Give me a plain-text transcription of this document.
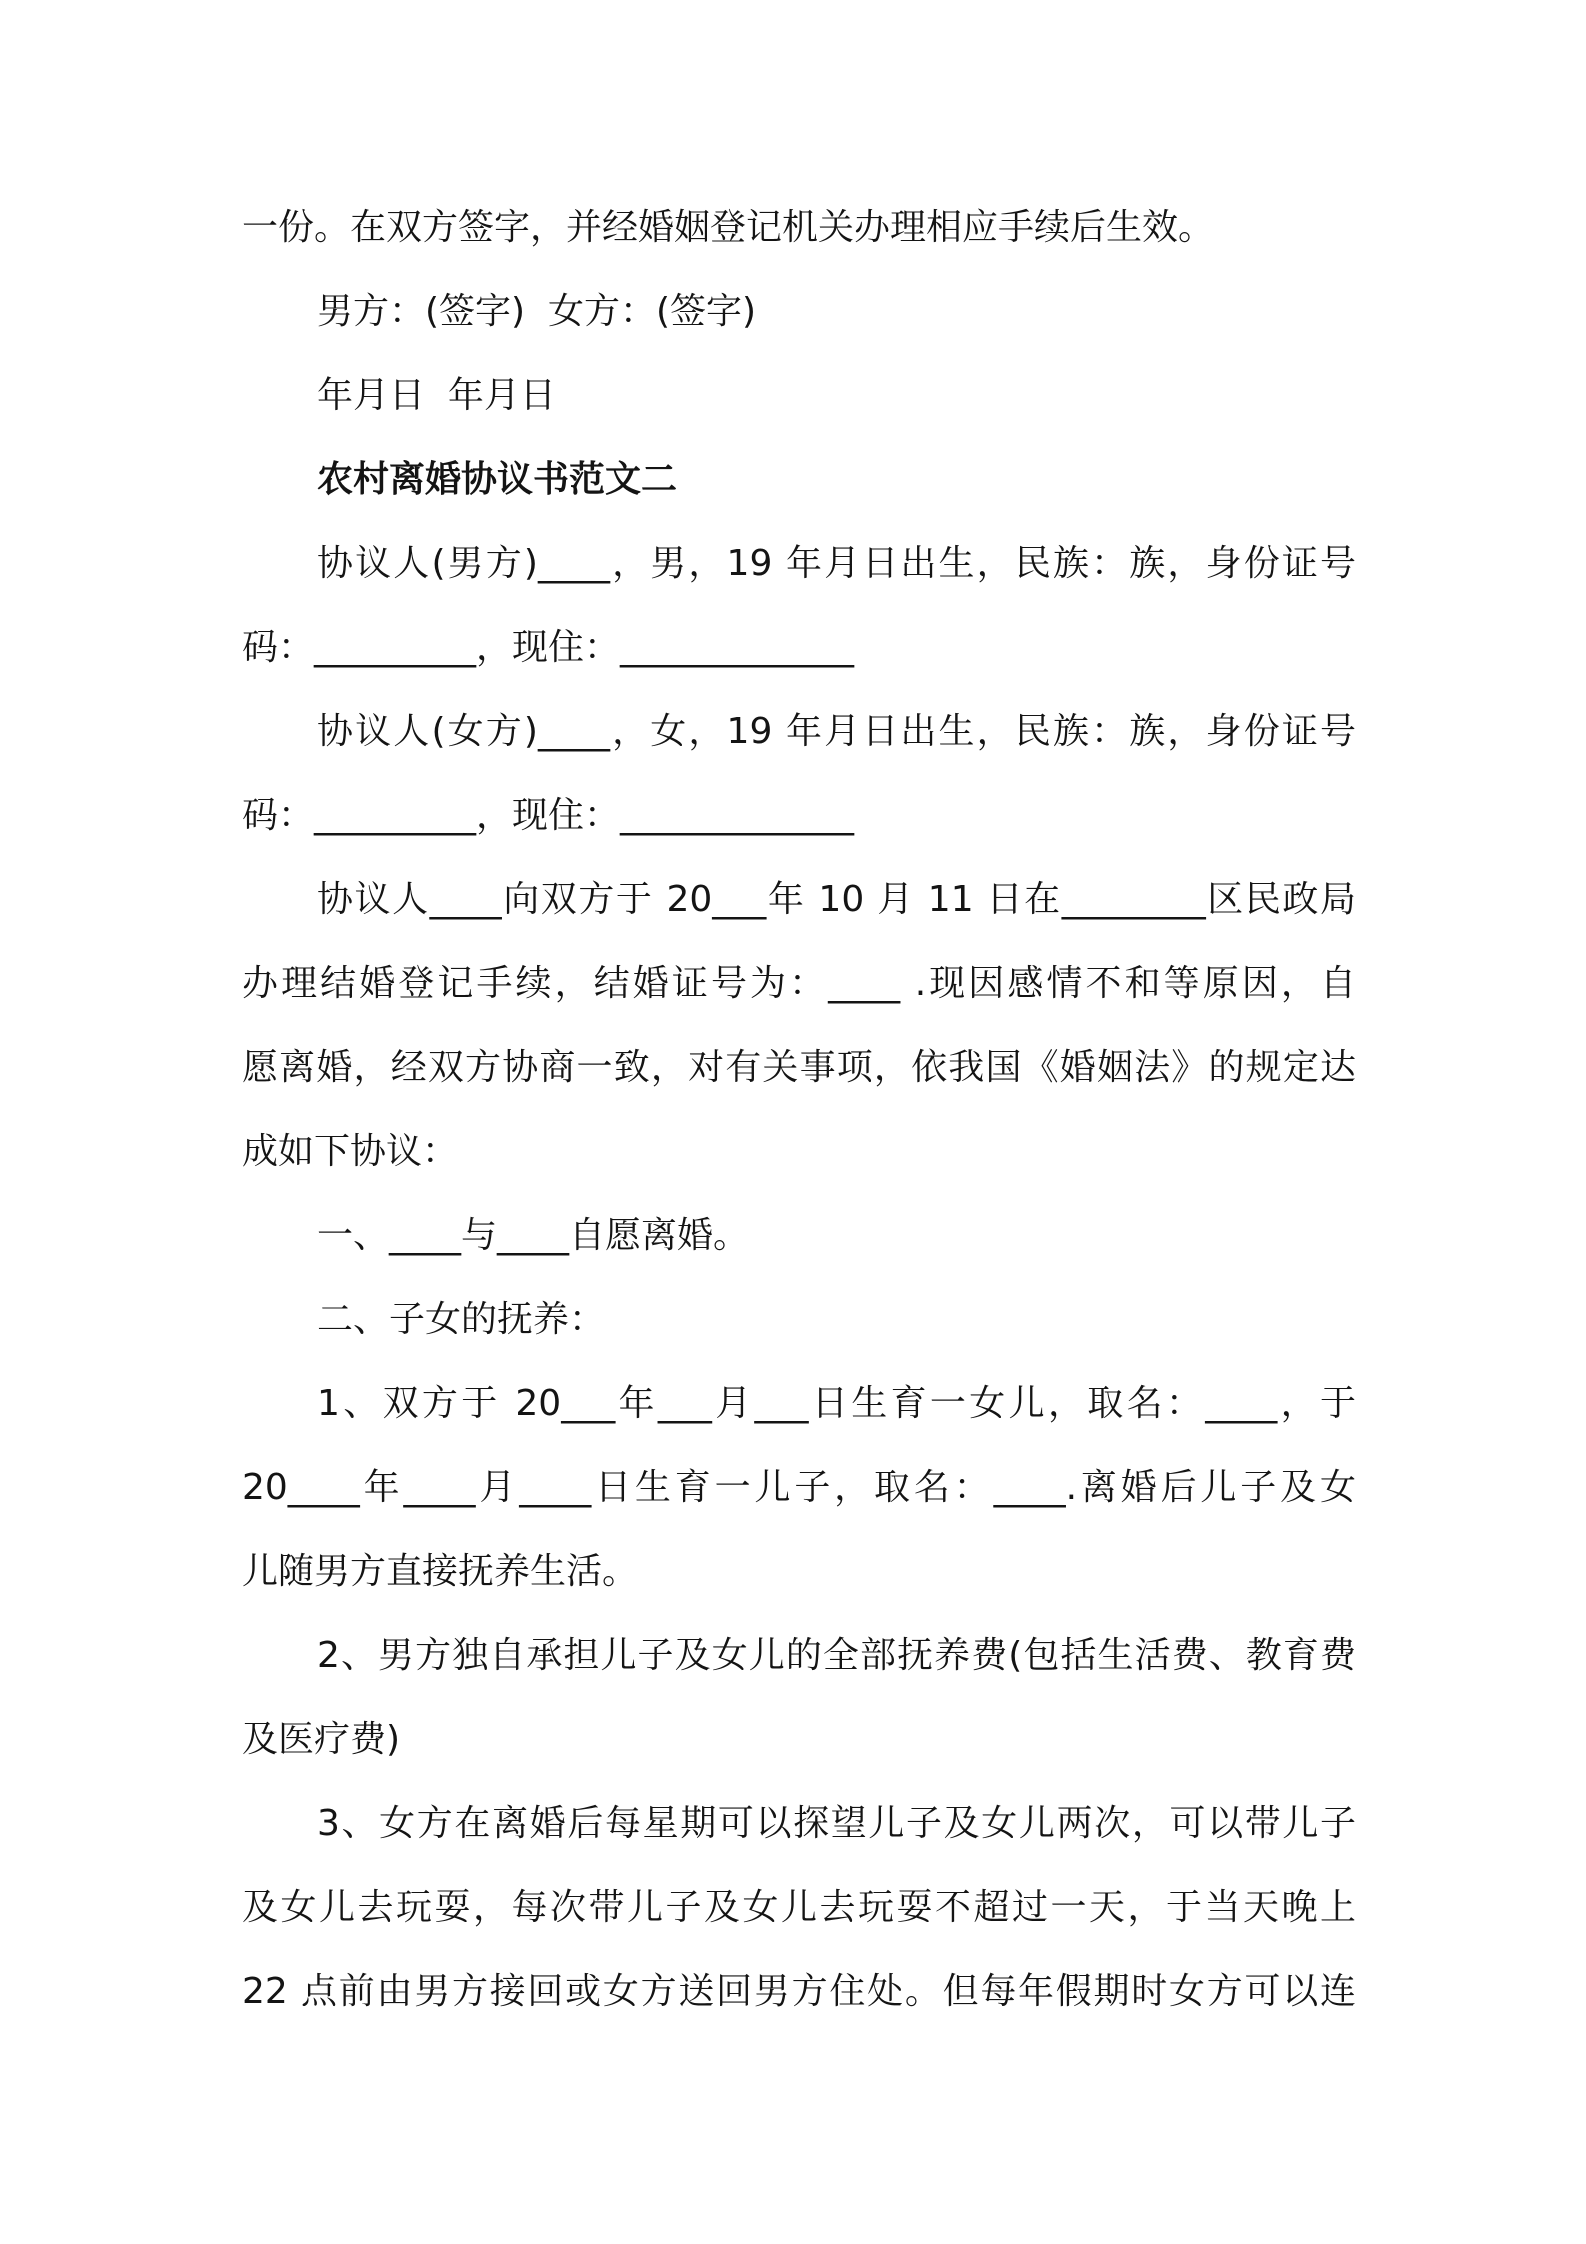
一份。在双方签字，并经婚姻登记机关办理相应手续后生效。
男方：(签字)  女方：(签字)
年月日  年月日
农村离婚协议书范文二
协议人(男方)____，男，19 年月日出生，民族：族，身份证号
码：_________，现住：_____________
协议人(女方)____，女，19 年月日出生，民族：族，身份证号
码：_________，现住：_____________
协议人____向双方于 20___年 10 月 11 日在________区民政局
办理结婚登记手续，结婚证号为：____ .现因感情不和等原因，自
愿离婚，经双方协商一致，对有关事项，依我国《婚姻法》的规定达
成如下协议：
一、____与____自愿离婚。
二、子女的抚养：
1、双方于 20___年___月___日生育一女儿，取名：____，于
20____年____月____日生育一儿子，取名：____.离婚后儿子及女
儿随男方直接抚养生活。
2、男方独自承担儿子及女儿的全部抚养费(包括生活费、教育费
及医疗费)
3、女方在离婚后每星期可以探望儿子及女儿两次，可以带儿子
及女儿去玩耍，每次带儿子及女儿去玩耍不超过一天，于当天晚上
22 点前由男方接回或女方送回男方住处。但每年假期时女方可以连
